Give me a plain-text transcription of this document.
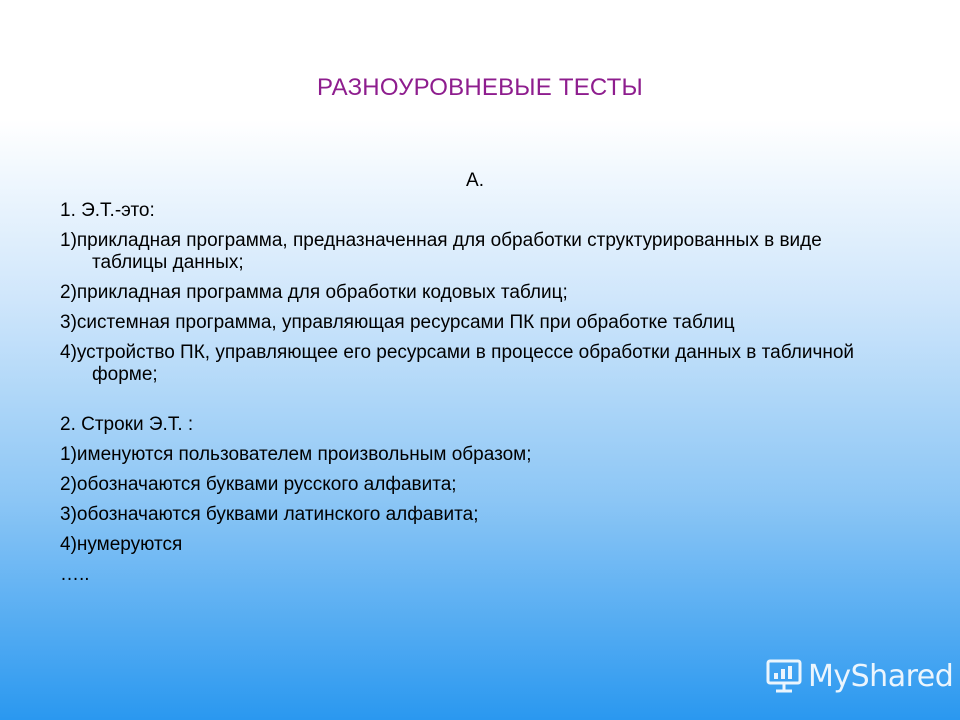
РАЗНОУРОВНЕВЫЕ ТЕСТЫ
А.
1. Э.Т.-это:
1)прикладная программа, предназначенная для обработки структурированных в виде таблицы данных;
2)прикладная программа для обработки кодовых таблиц;
3)системная программа, управляющая ресурсами ПК при обработке таблиц
4)устройство ПК, управляющее его ресурсами в процессе обработки данных в табличной форме;
2. Строки Э.Т. :
1)именуются пользователем произвольным образом;
2)обозначаются буквами русского алфавита;
3)обозначаются буквами латинского алфавита;
4)нумеруются
…..
MyShared
